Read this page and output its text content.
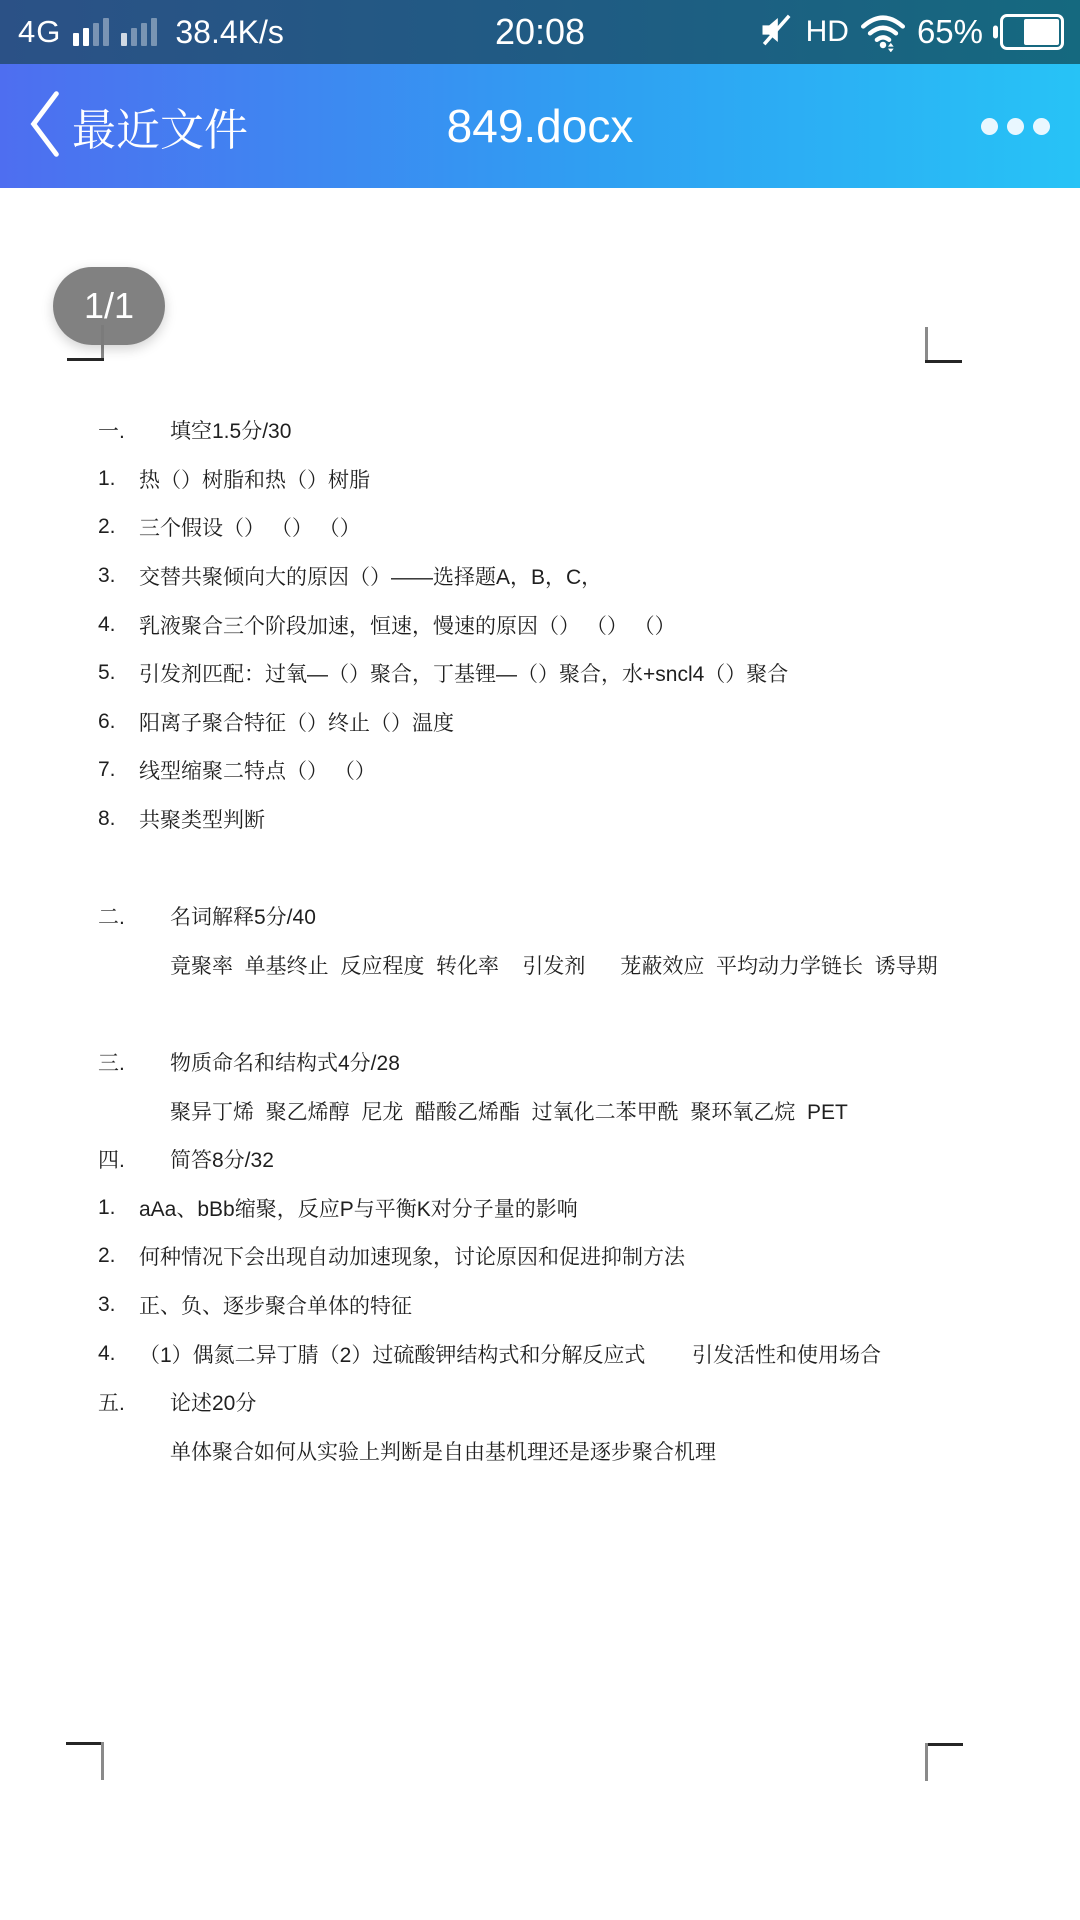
4G	38.4K/s	20:08	HD 65%
最近文件	849.docx
1/1
一.	填空1.5分/30
1.	热（）树脂和热（）树脂
2.	三个假设（） （） （）
3.	交替共聚倾向大的原因（）——选择题A，B，C，
4.	乳液聚合三个阶段加速，恒速，慢速的原因（） （） （）
5.	引发剂匹配：过氧—（）聚合，丁基锂—（）聚合，水+sncl4（）聚合
6.	阳离子聚合特征（）终止（）温度
7.	线型缩聚二特点（） （）
8.	共聚类型判断
二.	名词解释5分/40
竟聚率  单基终止  反应程度  转化率    引发剂      茏蔽效应  平均动力学链长  诱导期
三.	物质命名和结构式4分/28
聚异丁烯  聚乙烯醇  尼龙  醋酸乙烯酯  过氧化二苯甲酰  聚环氧乙烷  PET
四.	简答8分/32
1.	aAa、bBb缩聚，反应P与平衡K对分子量的影响
2.	何种情况下会出现自动加速现象，讨论原因和促进抑制方法
3.	正、负、逐步聚合单体的特征
4.	（1）偶氮二异丁腈（2）过硫酸钾结构式和分解反应式        引发活性和使用场合
五.	论述20分
单体聚合如何从实验上判断是自由基机理还是逐步聚合机理
